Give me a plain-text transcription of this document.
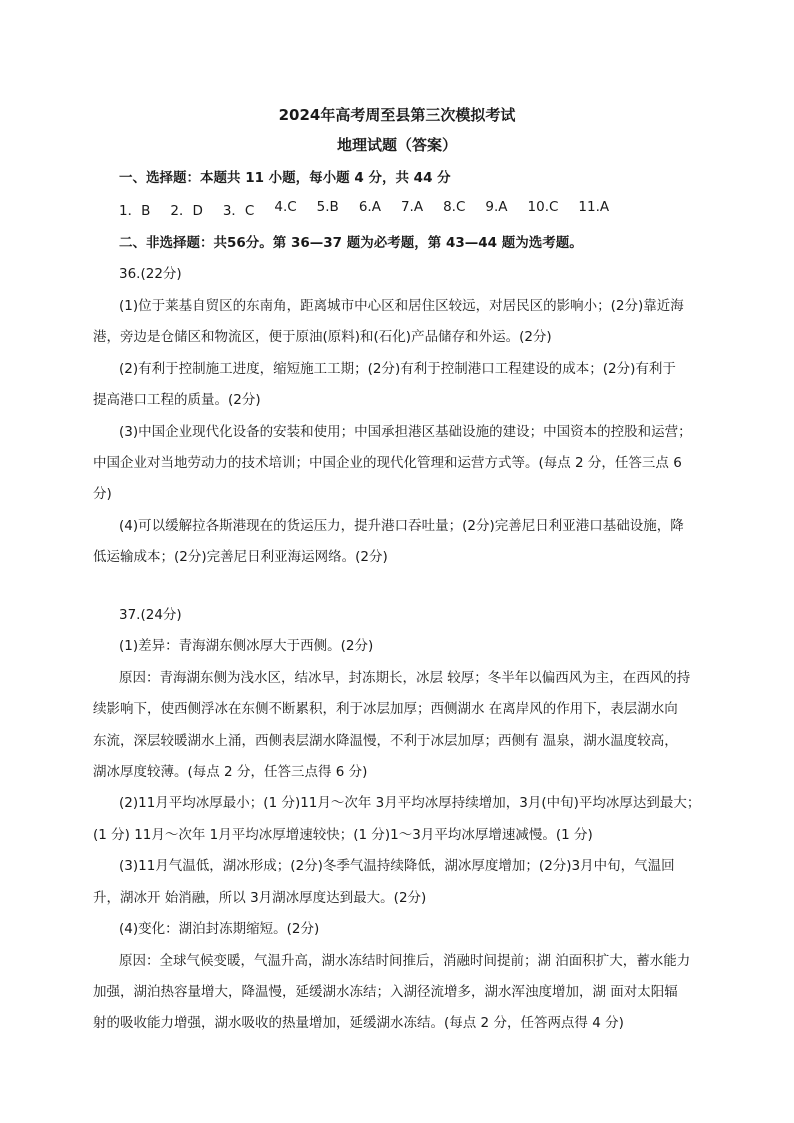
2024年高考周至县第三次模拟考试
地理试题（答案）
一、选择题：本题共 11 小题，每小题 4 分，共 44 分
1．B 2．D 3．C 4.C 5.B 6.A 7.A 8.C 9.A 10.C 11.A
二、非选择题：共56分。第 36—37 题为必考题，第 43—44 题为选考题。
36.(22分)
(1)位于莱基自贸区的东南角，距离城市中心区和居住区较远，对居民区的影响小；(2分)靠近海
港，旁边是仓储区和物流区，便于原油(原料)和(石化)产品储存和外运。(2分)
(2)有利于控制施工进度，缩短施工工期；(2分)有利于控制港口工程建设的成本；(2分)有利于
提高港口工程的质量。(2分)
(3)中国企业现代化设备的安装和使用；中国承担港区基础设施的建设；中国资本的控股和运营；
中国企业对当地劳动力的技术培训；中国企业的现代化管理和运营方式等。(每点 2 分，任答三点 6
分)
(4)可以缓解拉各斯港现在的货运压力，提升港口吞吐量；(2分)完善尼日利亚港口基础设施，降
低运输成本；(2分)完善尼日利亚海运网络。(2分)
37.(24分)
(1)差异：青海湖东侧冰厚大于西侧。(2分)
原因：青海湖东侧为浅水区，结冰早，封冻期长，冰层 较厚；冬半年以偏西风为主，在西风的持
续影响下，使西侧浮冰在东侧不断累积，利于冰层加厚；西侧湖水 在离岸风的作用下，表层湖水向
东流，深层较暖湖水上涌，西侧表层湖水降温慢，不利于冰层加厚；西侧有 温泉，湖水温度较高，
湖冰厚度较薄。(每点 2 分，任答三点得 6 分)
(2)11月平均冰厚最小；(1 分)11月～次年 3月平均冰厚持续增加，3月(中旬)平均冰厚达到最大；
(1 分) 11月～次年 1月平均冰厚增速较快；(1 分)1～3月平均冰厚增速减慢。(1 分)
(3)11月气温低，湖冰形成；(2分)冬季气温持续降低，湖冰厚度增加；(2分)3月中旬，气温回
升，湖冰开 始消融，所以 3月湖冰厚度达到最大。(2分)
(4)变化：湖泊封冻期缩短。(2分)
原因：全球气候变暖，气温升高，湖水冻结时间推后，消融时间提前；湖 泊面积扩大，蓄水能力
加强，湖泊热容量增大，降温慢，延缓湖水冻结；入湖径流增多，湖水浑浊度增加，湖 面对太阳辐
射的吸收能力增强，湖水吸收的热量增加，延缓湖水冻结。(每点 2 分，任答两点得 4 分)
